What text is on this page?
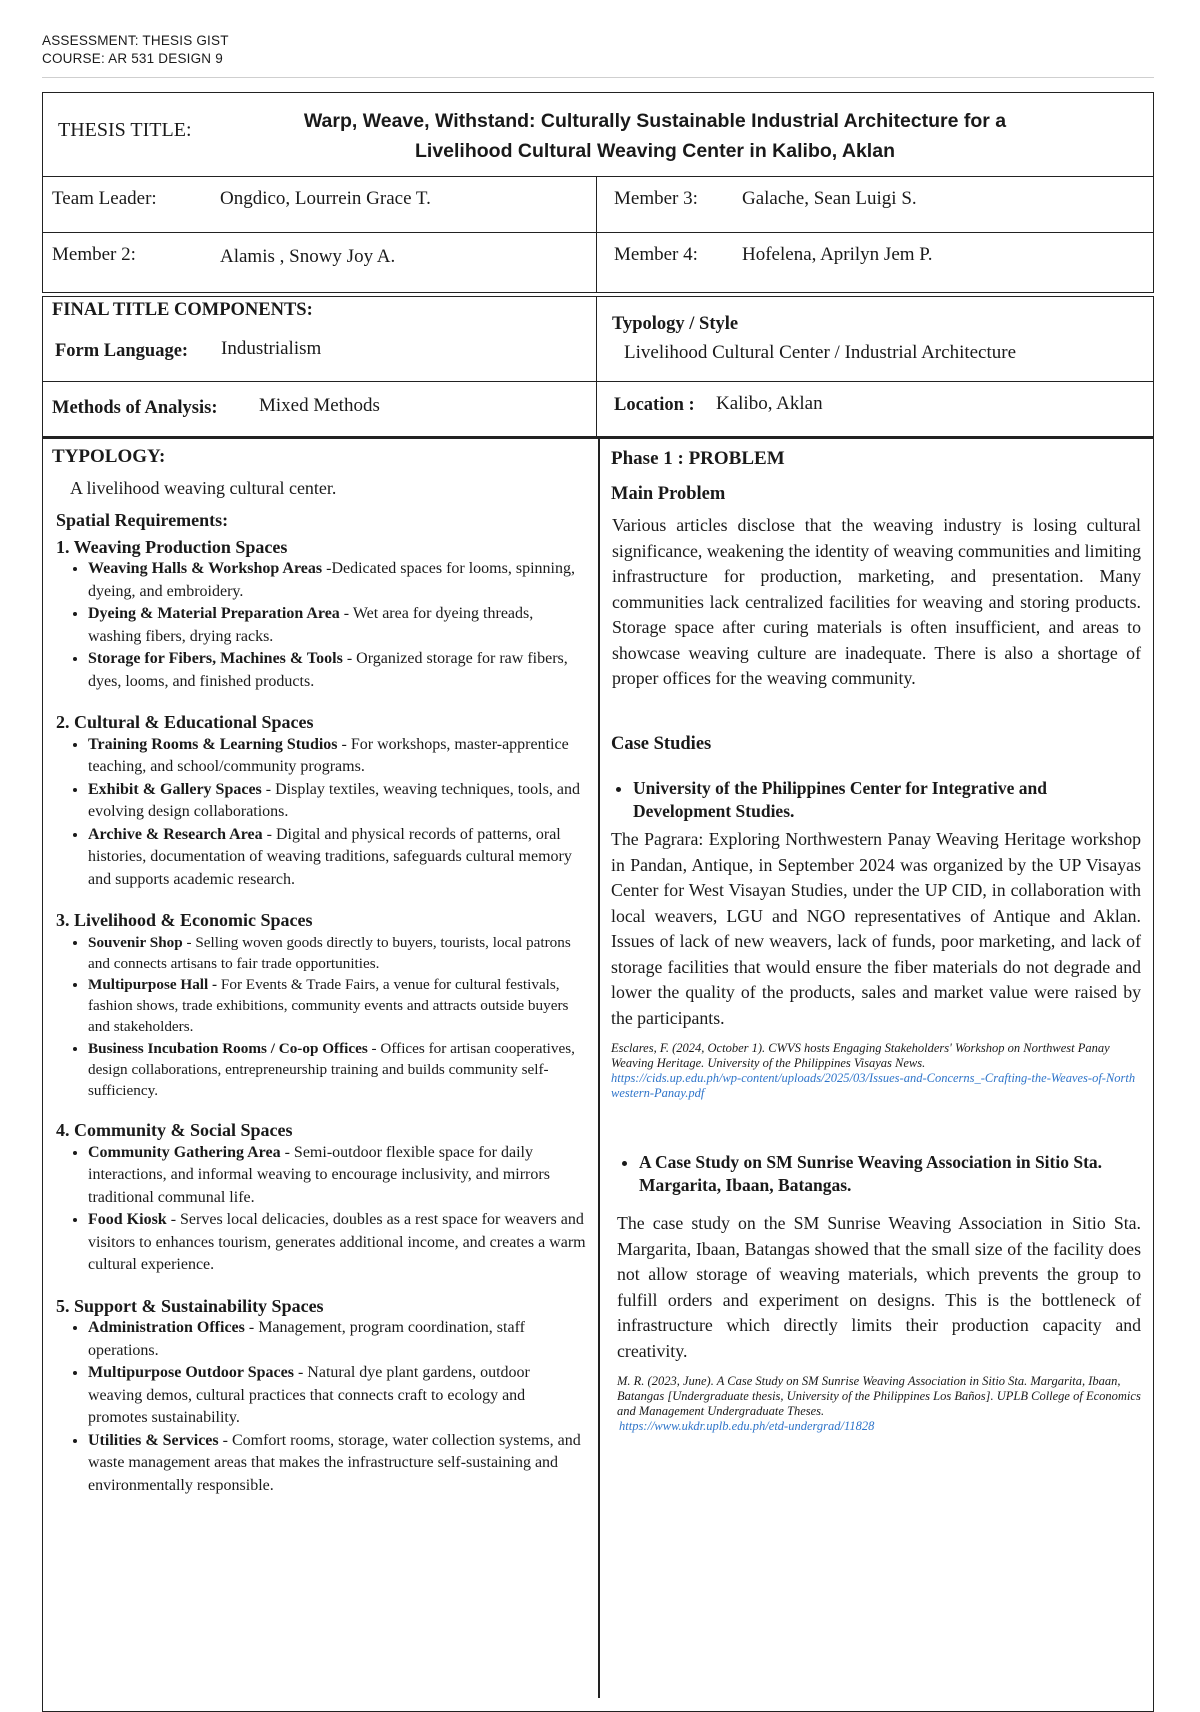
ASSESSMENT: THESIS GIST
COURSE: AR 531 DESIGN 9
THESIS TITLE:	Warp, Weave, Withstand: Culturally Sustainable Industrial Architecture for a
Livelihood Cultural Weaving Center in Kalibo, Aklan
Team Leader:	Ongdico, Lourrein Grace T.	Member 3: Galache, Sean Luigi S.
Member 2:	Alamis , Snowy Joy A.	Member 4: Hofelena, Aprilyn Jem P.
FINAL TITLE COMPONENTS:
Form Language: Industrialism
Typology / Style
Livelihood Cultural Center / Industrial Architecture
Methods of Analysis: Mixed Methods	Location : Kalibo, Aklan
TYPOLOGY:
A livelihood weaving cultural center.
Spatial Requirements:
1. Weaving Production Spaces
• Weaving Halls & Workshop Areas -Dedicated spaces for looms, spinning, dyeing, and embroidery.
• Dyeing & Material Preparation Area - Wet area for dyeing threads, washing fibers, drying racks.
• Storage for Fibers, Machines & Tools - Organized storage for raw fibers, dyes, looms, and finished products.
2. Cultural & Educational Spaces
• Training Rooms & Learning Studios - For workshops, master-apprentice teaching, and school/community programs.
• Exhibit & Gallery Spaces - Display textiles, weaving techniques, tools, and evolving design collaborations.
• Archive & Research Area - Digital and physical records of patterns, oral histories, documentation of weaving traditions, safeguards cultural memory and supports academic research.
3. Livelihood & Economic Spaces
• Souvenir Shop - Selling woven goods directly to buyers, tourists, local patrons and connects artisans to fair trade opportunities.
• Multipurpose Hall - For Events & Trade Fairs, a venue for cultural festivals, fashion shows, trade exhibitions, community events and attracts outside buyers and stakeholders.
• Business Incubation Rooms / Co-op Offices - Offices for artisan cooperatives, design collaborations, entrepreneurship training and builds community self-sufficiency.
4. Community & Social Spaces
• Community Gathering Area - Semi-outdoor flexible space for daily interactions, and informal weaving to encourage inclusivity, and mirrors traditional communal life.
• Food Kiosk - Serves local delicacies, doubles as a rest space for weavers and visitors to enhances tourism, generates additional income, and creates a warm cultural experience.
5. Support & Sustainability Spaces
• Administration Offices - Management, program coordination, staff operations.
• Multipurpose Outdoor Spaces - Natural dye plant gardens, outdoor weaving demos, cultural practices that connects craft to ecology and promotes sustainability.
• Utilities & Services - Comfort rooms, storage, water collection systems, and waste management areas that makes the infrastructure self-sustaining and environmentally responsible.
Phase 1 : PROBLEM
Main Problem
Various articles disclose that the weaving industry is losing cultural significance, weakening the identity of weaving communities and limiting infrastructure for production, marketing, and presentation. Many communities lack centralized facilities for weaving and storing products. Storage space after curing materials is often insufficient, and areas to showcase weaving culture are inadequate. There is also a shortage of proper offices for the weaving community.
Case Studies
• University of the Philippines Center for Integrative and Development Studies.
The Pagrara: Exploring Northwestern Panay Weaving Heritage workshop in Pandan, Antique, in September 2024 was organized by the UP Visayas Center for West Visayan Studies, under the UP CID, in collaboration with local weavers, LGU and NGO representatives of Antique and Aklan. Issues of lack of new weavers, lack of funds, poor marketing, and lack of storage facilities that would ensure the fiber materials do not degrade and lower the quality of the products, sales and market value were raised by the participants.
Esclares, F. (2024, October 1). CWVS hosts Engaging Stakeholders' Workshop on Northwest Panay Weaving Heritage. University of the Philippines Visayas News.
https://cids.up.edu.ph/wp-content/uploads/2025/03/Issues-and-Concerns_-Crafting-the-Weaves-of-Northwestern-Panay.pdf
• A Case Study on SM Sunrise Weaving Association in Sitio Sta. Margarita, Ibaan, Batangas.
The case study on the SM Sunrise Weaving Association in Sitio Sta. Margarita, Ibaan, Batangas showed that the small size of the facility does not allow storage of weaving materials, which prevents the group to fulfill orders and experiment on designs. This is the bottleneck of infrastructure which directly limits their production capacity and creativity.
M. R. (2023, June). A Case Study on SM Sunrise Weaving Association in Sitio Sta. Margarita, Ibaan, Batangas [Undergraduate thesis, University of the Philippines Los Baños]. UPLB College of Economics and Management Undergraduate Theses.
https://www.ukdr.uplb.edu.ph/etd-undergrad/11828
